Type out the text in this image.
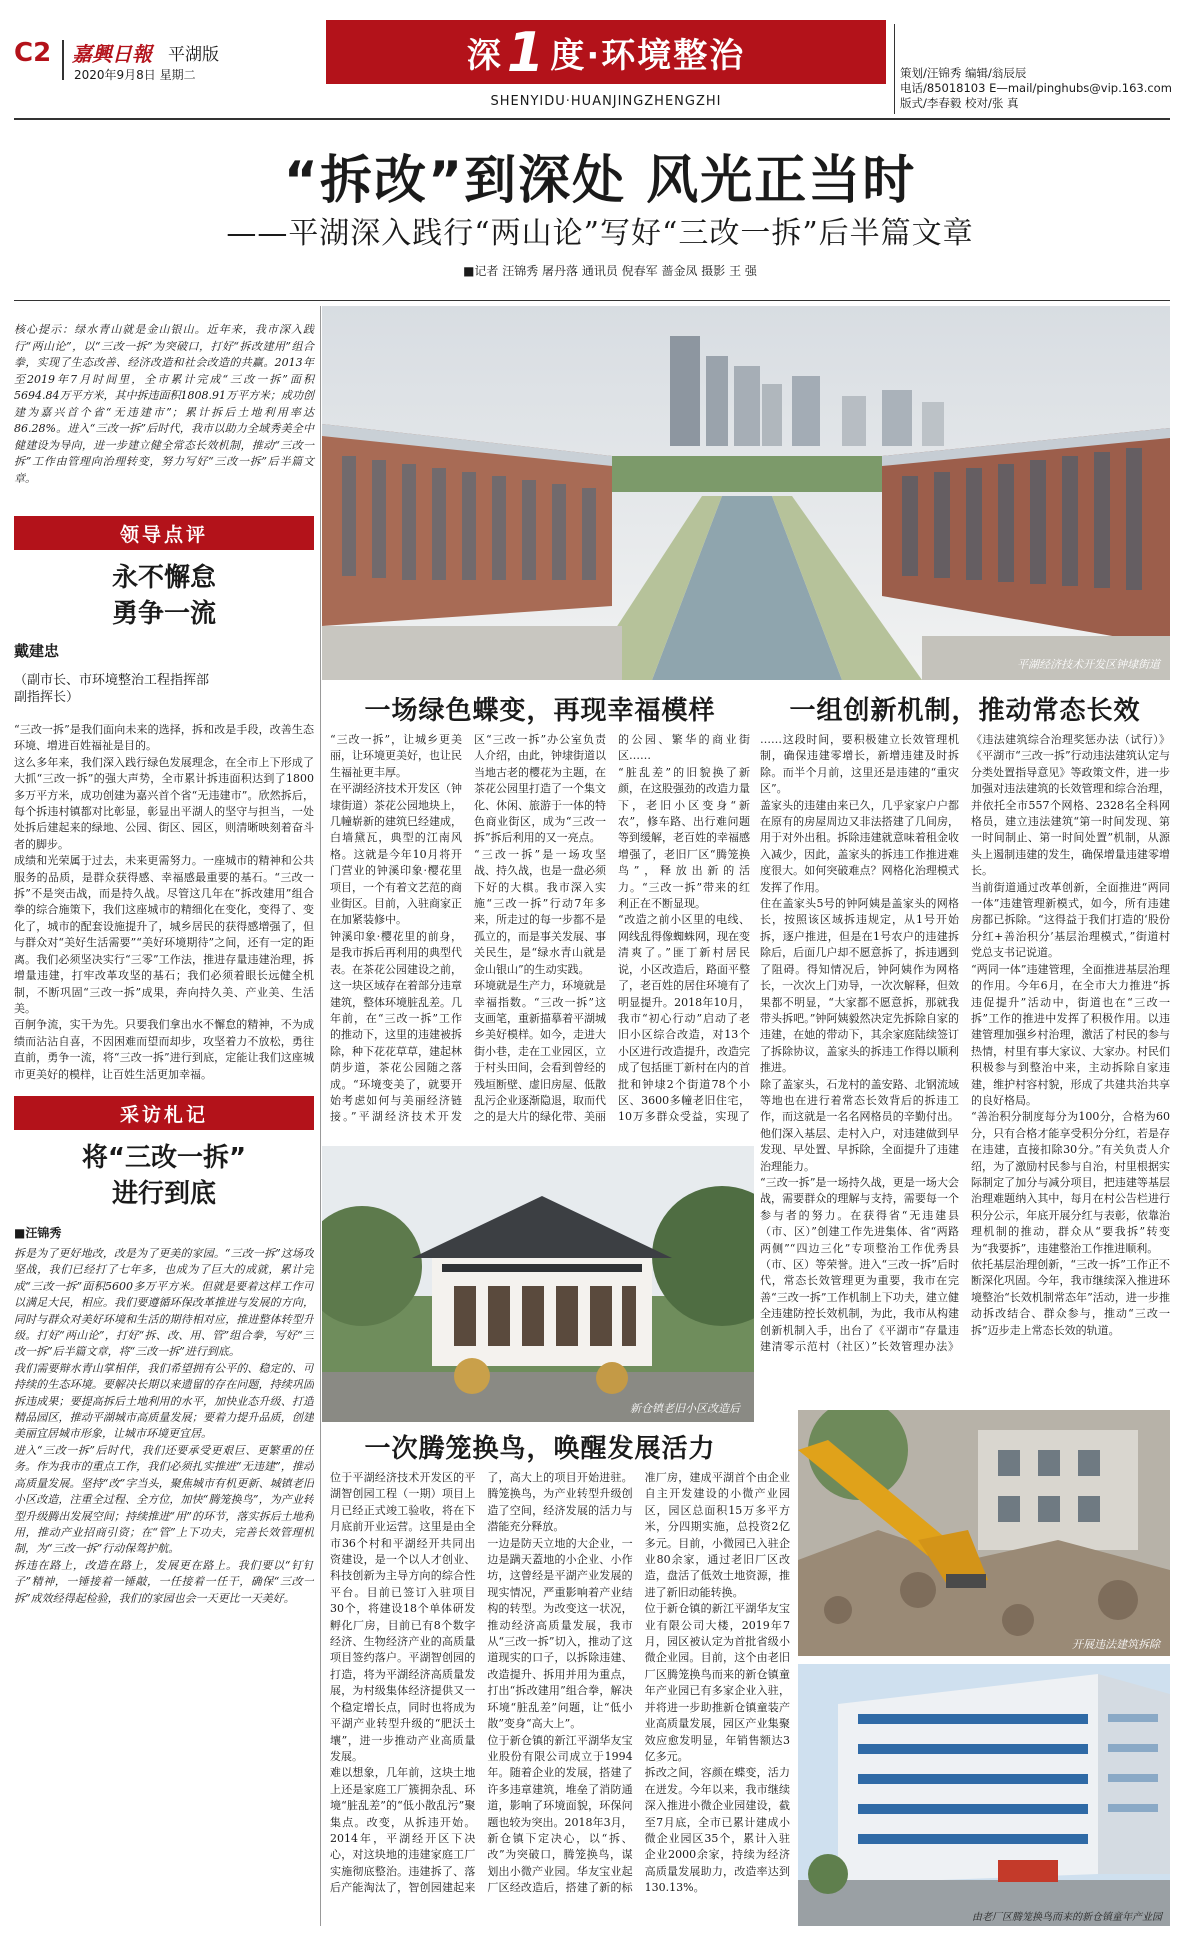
C2 嘉興日報 平湖版
2020年9月8日 星期二	深 1 度· 环境整治
SHENYIDU·HUANJINGZHENGZHI
策划/汪锦秀 编辑/翁辰辰
电话/85018103 E—mail/pinghubs@vip.163.com
版式/李春毅 校对/张 真
“拆改”到深处 风光正当时
——平湖深入践行“两山论”写好“三改一拆”后半篇文章
■记者 汪锦秀 屠丹落 通讯员 倪春军 蔷金凤 摄影 王 强
核心提示：绿水青山就是金山银山。近年来，我市深入践行“两山论”，以“三改一拆”为突破口，打好“拆改建用”组合拳，实现了生态改善、经济改造和社会改造的共赢。2013年至2019年7月时间里，全市累计完成“三改一拆”面积5694.84万平方米，其中拆违面积1808.91万平方米；成功创建为嘉兴首个省“无违建市”；累计拆后土地利用率达86.28%。进入“三改一拆”后时代，我市以助力全域秀美全中健建设为导向，进一步建立健全常态长效机制，推动“三改一拆”工作由管理向治理转变，努力写好“三改一拆”后半篇文章。
领导点评
永不懈怠
勇争一流
戴建忠
（副市长、市环境整治工程指挥部
副指挥长）
“三改一拆”是我们面向未来的选择，拆和改是手段，改善生态环境、增进百姓福祉是目的。
这么多年来，我们深入践行绿色发展理念，在全市上下形成了大抓“三改一拆”的强大声势，全市累计拆违面积达到了1800多万平方米，成功创建为嘉兴首个省“无违建市”。欣然拆后，每个拆违村镇都对比彰显，彰显出平湖人的坚守与担当，一处处拆后建起来的绿地、公园、街区、园区，则清晰映刻着奋斗者的脚步。
成绩和光荣属于过去，未来更需努力。一座城市的精神和公共服务的品质，是群众获得感、幸福感最重要的基石。“三改一拆”不是突击战，而是持久战。尽管这几年在“拆改建用”组合拳的综合施策下，我们这座城市的精细化在变化，变得了、变化了，城市的配套设施提升了，城乡居民的获得感增强了，但与群众对“美好生活需要”“美好环境期待”之间，还有一定的距离。我们必须坚决实行“三零”工作法，推进存量违建治理，拆增量违建，打牢改革攻坚的基石；我们必须着眼长远健全机制，不断巩固“三改一拆”成果，奔向持久美、产业美、生活美。
百舸争流，实干为先。只要我们拿出水不懈怠的精神，不为成绩而沾沾自喜，不因困难而望而却步，攻坚着力不放松，勇往直前，勇争一流，将“三改一拆”进行到底，定能让我们这座城市更美好的模样，让百姓生活更加幸福。
采访札记
将“三改一拆”
进行到底
■汪锦秀
拆是为了更好地改，改是为了更美的家园。“三改一拆”这场攻坚战，我们已经打了七年多，也成为了巨大的成就，累计完成“三改一拆”面积5600多万平方米。但就是要着这样工作可以满足大民，相应。我们要遵循环保改革推进与发展的方向，同时与群众对美好环境和生活的期待相对应，推进整体转型升级。打好“两山论”，打好“拆、改、用、管”组合拳，写好“三改一拆”后半篇文章，将“三改一拆”进行到底。
我们需要辩水青山掌相伴，我们希望拥有公平的、稳定的、可持续的生态环境。要解决长期以来遗留的存在问题，持续巩固拆违成果；要提高拆后土地利用的水平，加快业态升级、打造精品园区，推动平湖城市高质量发展；要着力提升品质，创建美丽宜居城市形象，让城市环境更宜居。
进入“三改一拆”后时代，我们还要承受更艰巨、更繁重的任务。作为我市的重点工作，我们必须扎实推进“无违建”，推动高质量发展。坚持“改”字当头，聚焦城市有机更新、城镇老旧小区改造，注重全过程、全方位，加快“腾笼换鸟”，为产业转型升级腾出发展空间；持续推进“用”的环节，落实拆后土地利用，推动产业招商引资；在“管”上下功夫，完善长效管理机制，为“三改一拆”行动保驾护航。
拆违在路上，改造在路上，发展更在路上。我们要以“钉钉子”精神，一锤接着一锤敲，一任接着一任干，确保“三改一拆”成效经得起检验，我们的家园也会一天更比一天美好。
平湖经济技术开发区钟埭街道
一场绿色蝶变，再现幸福模样
“三改一拆”，让城乡更美丽，让环境更美好，也让民生福祉更丰厚。
在平湖经济技术开发区（钟埭街道）茶花公园地块上，几幢崭新的建筑巳经建成，白墙黛瓦，典型的江南风格。这就是今年10月将开门营业的钟溪印象·樱花里项目，一个有着文艺范的商业街区。目前，入驻商家正在加紧装修中。
钟溪印象·樱花里的前身，是我市拆后再利用的典型代表。在茶花公园建设之前，这一块区域存在着部分违章建筑，整体环境脏乱差。几年前，在“三改一拆”工作的推动下，这里的违建被拆除，种下花花草草，建起林荫步道，茶花公园随之落成。“环境变美了，就要开始考虑如何与美丽经济链接。”平湖经济技术开发区“三改一拆”办公室负责人介绍，由此，钟埭街道以当地古老的樱花为主题，在茶花公园里打造了一个集文化、休闲、旅游于一体的特色商业街区，成为“三改一拆”拆后利用的又一亮点。
“三改一拆”是一场攻坚战、持久战，也是一盘必须下好的大棋。我市深入实施“三改一拆”行动7年多来，所走过的每一步都不是孤立的，而是事关发展、事关民生，是“绿水青山就是金山银山”的生动实践。
环境就是生产力，环境就是幸福指数。“三改一拆”这支画笔，重新描摹着平湖城乡美好模样。如今，走进大街小巷，走在工业园区，立于村头田间，会看到曾经的残垣断壁、虚旧房屋、低散乱污企业逐渐隐退，取而代之的是大片的绿化带、美丽的公园、繁华的商业街区……
“脏乱差”的旧貌换了新颜，在这股强劲的改造力量下，老旧小区变身“新农”，修车路、出行难问题等到缓解，老百姓的幸福感增强了，老旧厂区“腾笼换鸟”，释放出新的活力。“三改一拆”带来的红利正在不断显现。
“改造之前小区里的电线、网线乱得像蜘蛛网，现在变清爽了。”匪丁新村居民说，小区改造后，路面平整了，老百姓的居住环境有了明显提升。2018年10月，我市“初心行动”启动了老旧小区综合改造，对13个小区进行改造提升，改造完成了包括匪丁新村在内的首批和钟埭2个街道78个小区、3600多幢老旧住宅，10万多群众受益，实现了
一组创新机制，推动常态长效
……这段时间，要积极建立长效管理机制，确保违建零增长，新增违建及时拆除。而半个月前，这里还是违建的“重灾区”。
盖家头的违建由来已久，几乎家家户户都在原有的房屋周边又非法搭建了几间房，用于对外出租。拆除违建就意味着租金收入减少，因此，盖家头的拆违工作推进难度很大。如何突破难点？网格化治理模式发挥了作用。
住在盖家头5号的钟阿姨是盖家头的网格长，按照该区域拆违规定，从1号开始拆，逐户推进，但是在1号农户的违建拆除后，后面几户却不愿意拆了，拆违遇到了阻碍。得知情况后，钟阿姨作为网格长，一次次上门劝导，一次次解释，但效果都不明显，“大家都不愿意拆，那就我带头拆吧。”钟阿姨毅然决定先拆除自家的违建，在她的带动下，其余家庭陆续签订了拆除协议，盖家头的拆违工作得以顺利推进。
除了盖家头，石龙村的盖安路、北钢流域等地也在进行着常态长效背后的拆违工作，而这就是一名名网格员的辛勤付出。他们深入基层、走村入户，对违建做到早发现、早处置、早拆除，全面提升了违建治理能力。
“三改一拆”是一场持久战，更是一场大会战，需要群众的理解与支持，需要每一个参与者的努力。在获得省“无违建县（市、区）”创建工作先进集体、省“两路两侧”“四边三化”专项整治工作优秀县（市、区）等荣誉。进入“三改一拆”后时代，常态长效管理更为重要，我市在完善“三改一拆”工作机制上下功夫，建立健全违建防控长效机制，为此，我市从构建创新机制入手，出台了《平湖市“存量违建清零示范村（社区）”长效管理办法》《违法建筑综合治理奖惩办法（试行）》《平湖市“三改一拆”行动违法建筑认定与分类处置指导意见》等政策文件，进一步加强对违法建筑的长效管理和综合治理，并依托全市557个网格、2328名全科网格员，建立违法建筑“第一时间发现、第一时间制止、第一时间处置”机制，从源头上遏制违建的发生，确保增量违建零增长。
当前街道通过改革创新，全面推进“两同一体”违建管理新模式，如今，所有违建房都已拆除。“这得益于我们打造的‘股份分红+善治积分’基层治理模式，”街道村党总支书记说道。
“两同一体”违建管理，全面推进基层治理的作用。今年6月，在全市大力推进“拆违促提升”活动中，街道也在“三改一拆”工作的推进中发挥了积极作用。以违建管理加强乡村治理，激活了村民的参与热情，村里有事大家议、大家办。村民们积极参与到整治中来，主动拆除自家违建，维护村容村貌，形成了共建共治共享的良好格局。
“善治积分制度每分为100分，合格为60分，只有合格才能享受积分分红，若是存在违建，直接扣除30分。”有关负责人介绍，为了激励村民参与自治，村里根据实际制定了加分与减分项目，把违建等基层治理难题纳入其中，每月在村公告栏进行积分公示，年底开展分红与表彰，依靠治理机制的推动，群众从“要我拆”转变为“我要拆”，违建整治工作推进顺利。
依托基层治理创新，“三改一拆”工作正不断深化巩固。今年，我市继续深入推进环境整治“长效机制常态年”活动，进一步推动拆改结合、群众参与，推动“三改一拆”迈步走上常态长效的轨道。
新仓镇老旧小区改造后
一次腾笼换鸟，唤醒发展活力
位于平湖经济技术开发区的平湖智创园工程（一期）项目上月已经正式竣工验收，将在下月底前开业运营。这里是由全市36个村和平湖经开共同出资建设，是一个以人才创业、科技创新为主导方向的综合性平台。目前已签订入驻项目30个，将建设18个单体研发孵化厂房，目前已有8个数字经济、生物经济产业的高质量项目签约落户。平湖智创园的打造，将为平湖经济高质量发展，为村级集体经济提供又一个稳定增长点，同时也将成为平湖产业转型升级的“肥沃土壤”，进一步推动产业高质量发展。
难以想象，几年前，这块土地上还是家庭工厂簇拥杂乱、环境“脏乱差”的“低小散乱污”聚集点。改变，从拆违开始。2014年，平湖经开区下决心，对这块地的违建家庭工厂实施彻底整治。违建拆了、落后产能淘汰了，智创园建起来了，高大上的项目开始进驻。腾笼换鸟，为产业转型升级创造了空间，经济发展的活力与潜能充分释放。
一边是防天立地的大企业，一边是蹒天蓋地的小企业、小作坊，这曾经是平湖产业发展的现实情况，严重影响着产业结构的转型。为改变这一状况，推动经济高质量发展，我市从“三改一拆”切入，推动了这道现实的口子，以拆除违建、改造提升、拆用并用为重点，打出“拆改建用”组合拳，解决环境“脏乱差”问题，让“低小散”变身“高大上”。
位于新仓镇的新江平湖华友宝业股份有限公司成立于1994年。随着企业的发展，搭建了许多违章建筑，堆垒了消防通道，影响了环境面貌，环保问题也较为突出。2018年3月，新仓镇下定决心，以“拆、改”为突破口，腾笼换鸟，谋划出小微产业园。华友宝业起厂区经改造后，搭建了新的标准厂房，建成平湖首个由企业自主开发建设的小微产业园区，园区总面积15万多平方米，分四期实施，总投资2亿多元。目前，小微园已入驻企业80余家，通过老旧厂区改造，盘活了低效土地资源，推进了新旧动能转换。
位于新仓镇的新江平湖华友宝业有限公司大楼，2019年7月，园区被认定为首批省级小微企业园。目前，这个由老旧厂区腾笼换鸟而来的新仓镇童年产业园已有多家企业入驻，并将进一步助推新仓镇童装产业高质量发展，园区产业集聚效应愈发明显，年销售额达3亿多元。
拆改之间，容颜在蝶变，活力在迸发。今年以来，我市继续深入推进小微企业园建设，截至7月底，全市已累计建成小微企业园区35个，累计入驻企业2000余家，持续为经济高质量发展助力，改造率达到130.13%。
开展违法建筑拆除
由老厂区腾笼换鸟而来的新仓镇童年产业园
